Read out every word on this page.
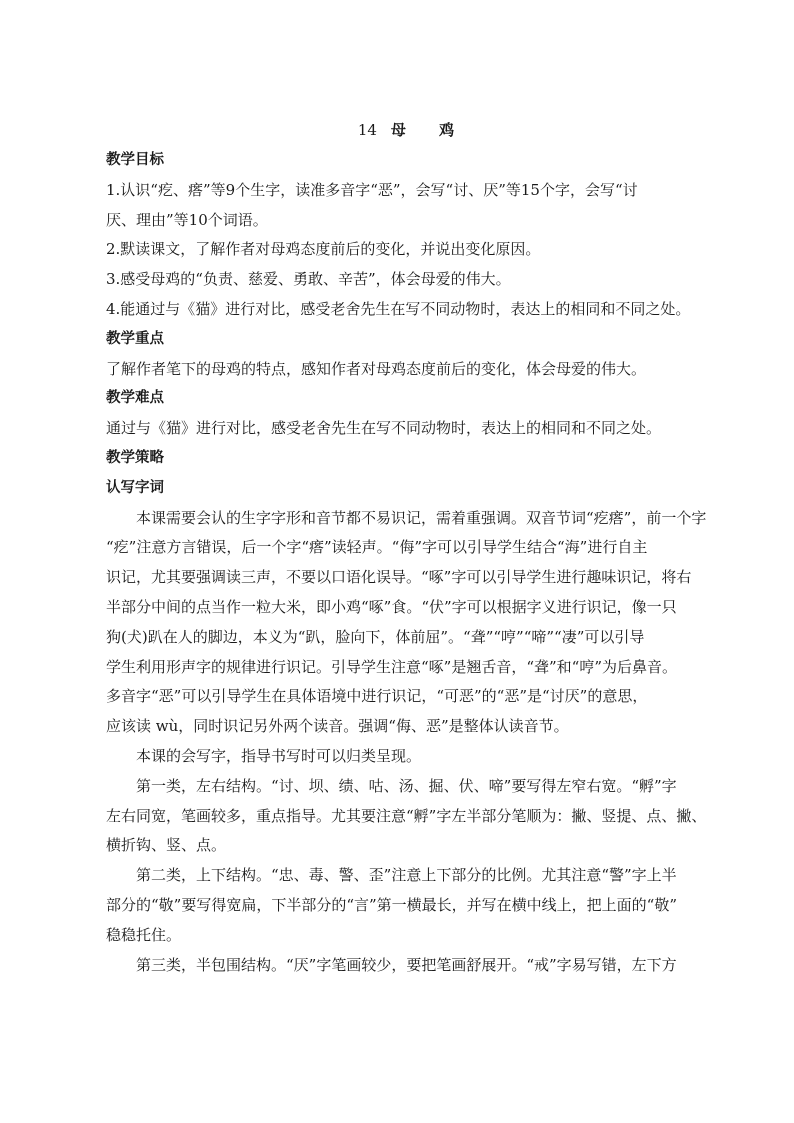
14 母 鸡

教学目标

1.认识“疙、瘩”等9个生字，读准多音字“恶”，会写“讨、厌”等15个字，会写“讨

厌、理由”等10个词语。

2.默读课文，了解作者对母鸡态度前后的变化，并说出变化原因。

3.感受母鸡的“负责、慈爱、勇敢、辛苦”，体会母爱的伟大。

4.能通过与《猫》进行对比，感受老舍先生在写不同动物时，表达上的相同和不同之处。

教学重点

了解作者笔下的母鸡的特点，感知作者对母鸡态度前后的变化，体会母爱的伟大。

教学难点

通过与《猫》进行对比，感受老舍先生在写不同动物时，表达上的相同和不同之处。

教学策略

认写字词

本课需要会认的生字字形和音节都不易识记，需着重强调。双音节词“疙瘩”，前一个字

“疙”注意方言错误，后一个字“瘩”读轻声。“侮”字可以引导学生结合“海”进行自主

识记，尤其要强调读三声，不要以口语化误导。“啄”字可以引导学生进行趣味识记，将右

半部分中间的点当作一粒大米，即小鸡“啄”食。“伏”字可以根据字义进行识记，像一只

狗(犬)趴在人的脚边，本义为“趴，脸向下，体前屈”。“聋”“哼”“啼”“凄”可以引导

学生利用形声字的规律进行识记。引导学生注意“啄”是翘舌音，“聋”和“哼”为后鼻音。

多音字“恶”可以引导学生在具体语境中进行识记，“可恶”的“恶”是“讨厌”的意思，

应该读 wù，同时识记另外两个读音。强调“侮、恶”是整体认读音节。

本课的会写字，指导书写时可以归类呈现。

第一类，左右结构。“讨、坝、绩、咕、汤、掘、伏、啼”要写得左窄右宽。“孵”字

左右同宽，笔画较多，重点指导。尤其要注意“孵”字左半部分笔顺为：撇、竖提、点、撇、

横折钩、竖、点。

第二类，上下结构。“忠、毒、警、歪”注意上下部分的比例。尤其注意“警”字上半

部分的“敬”要写得宽扁，下半部分的“言”第一横最长，并写在横中线上，把上面的“敬”

稳稳托住。

第三类，半包围结构。“厌”字笔画较少，要把笔画舒展开。“戒”字易写错，左下方
